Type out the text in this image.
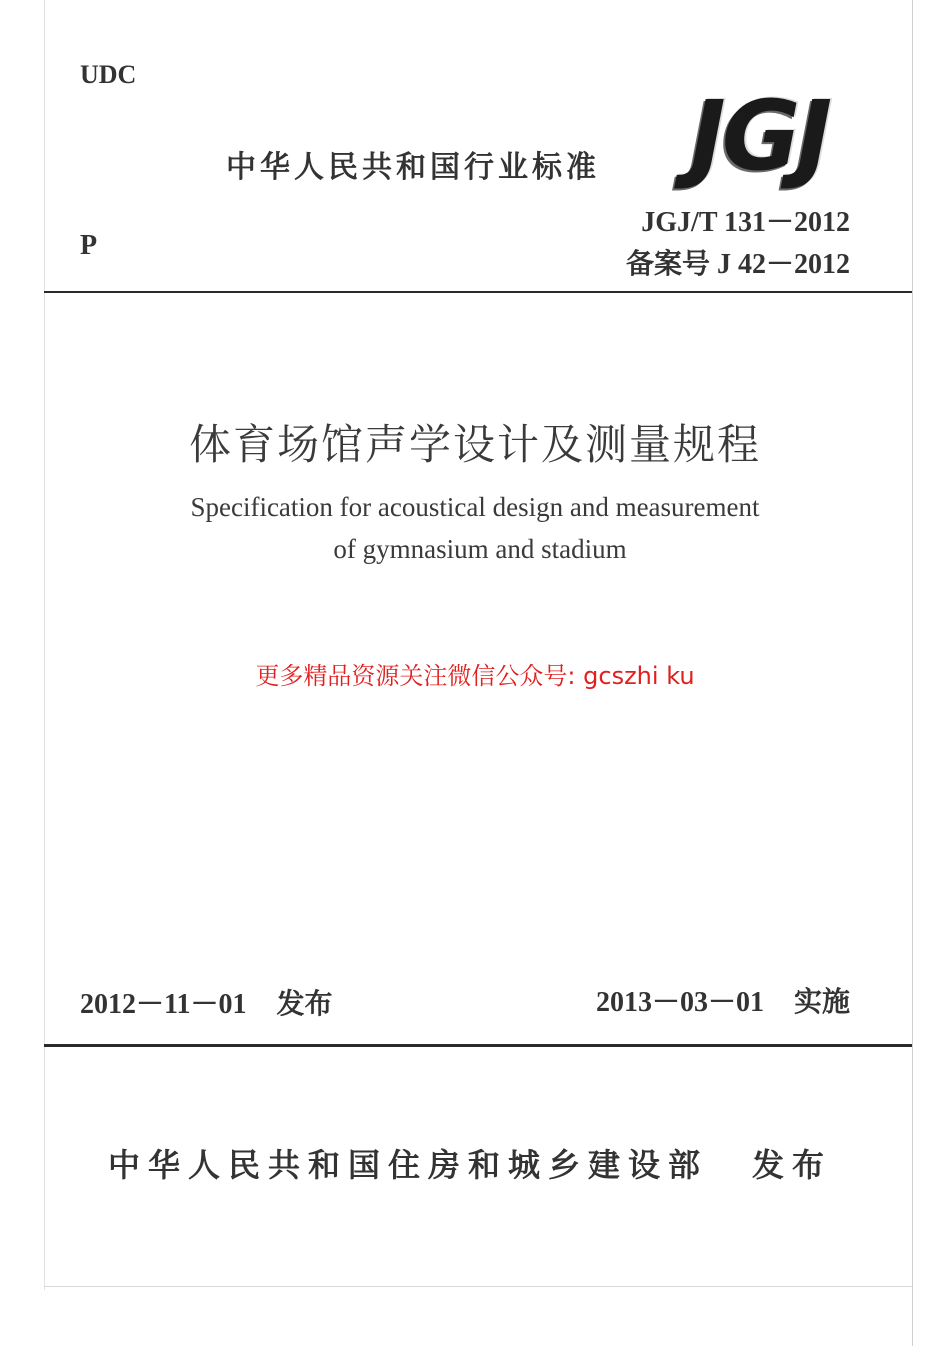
UDC
中华人民共和国行业标准 JGJ
JGJ/T 131－2012
备案号 J 42－2012
P
体育场馆声学设计及测量规程
Specification for acoustical design and measurement
of gymnasium and stadium
更多精品资源关注微信公众号: gcszhi ku
2012－11－01 发布	2013－03－01 实施
中华人民共和国住房和城乡建设部 发布
